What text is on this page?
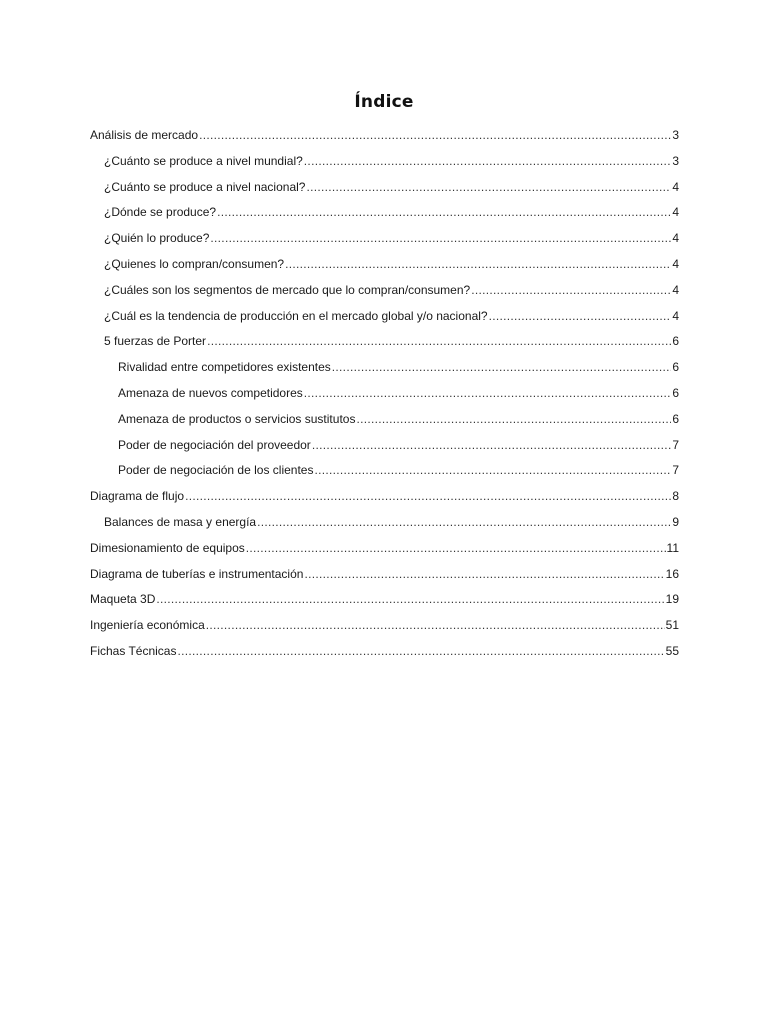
Índice
Análisis de mercado .....	3
¿Cuánto se produce a nivel mundial? .....	3
¿Cuánto se produce a nivel nacional? .....	4
¿Dónde se produce? .....	4
¿Quién lo produce? .....	4
¿Quienes lo compran/consumen? .....	4
¿Cuáles son los segmentos de mercado que lo compran/consumen? .....	4
¿Cuál es la tendencia de producción en el mercado global y/o nacional? .....	4
5 fuerzas de Porter .....	6
Rivalidad entre competidores existentes .....	6
Amenaza de nuevos competidores .....	6
Amenaza de productos o servicios sustitutos .....	6
Poder de negociación del proveedor .....	7
Poder de negociación de los clientes .....	7
Diagrama de flujo .....	8
Balances de masa y energía .....	9
Dimesionamiento de equipos .....	11
Diagrama de tuberías e instrumentación .....	16
Maqueta 3D .....	19
Ingeniería económica .....	51
Fichas Técnicas .....	55
